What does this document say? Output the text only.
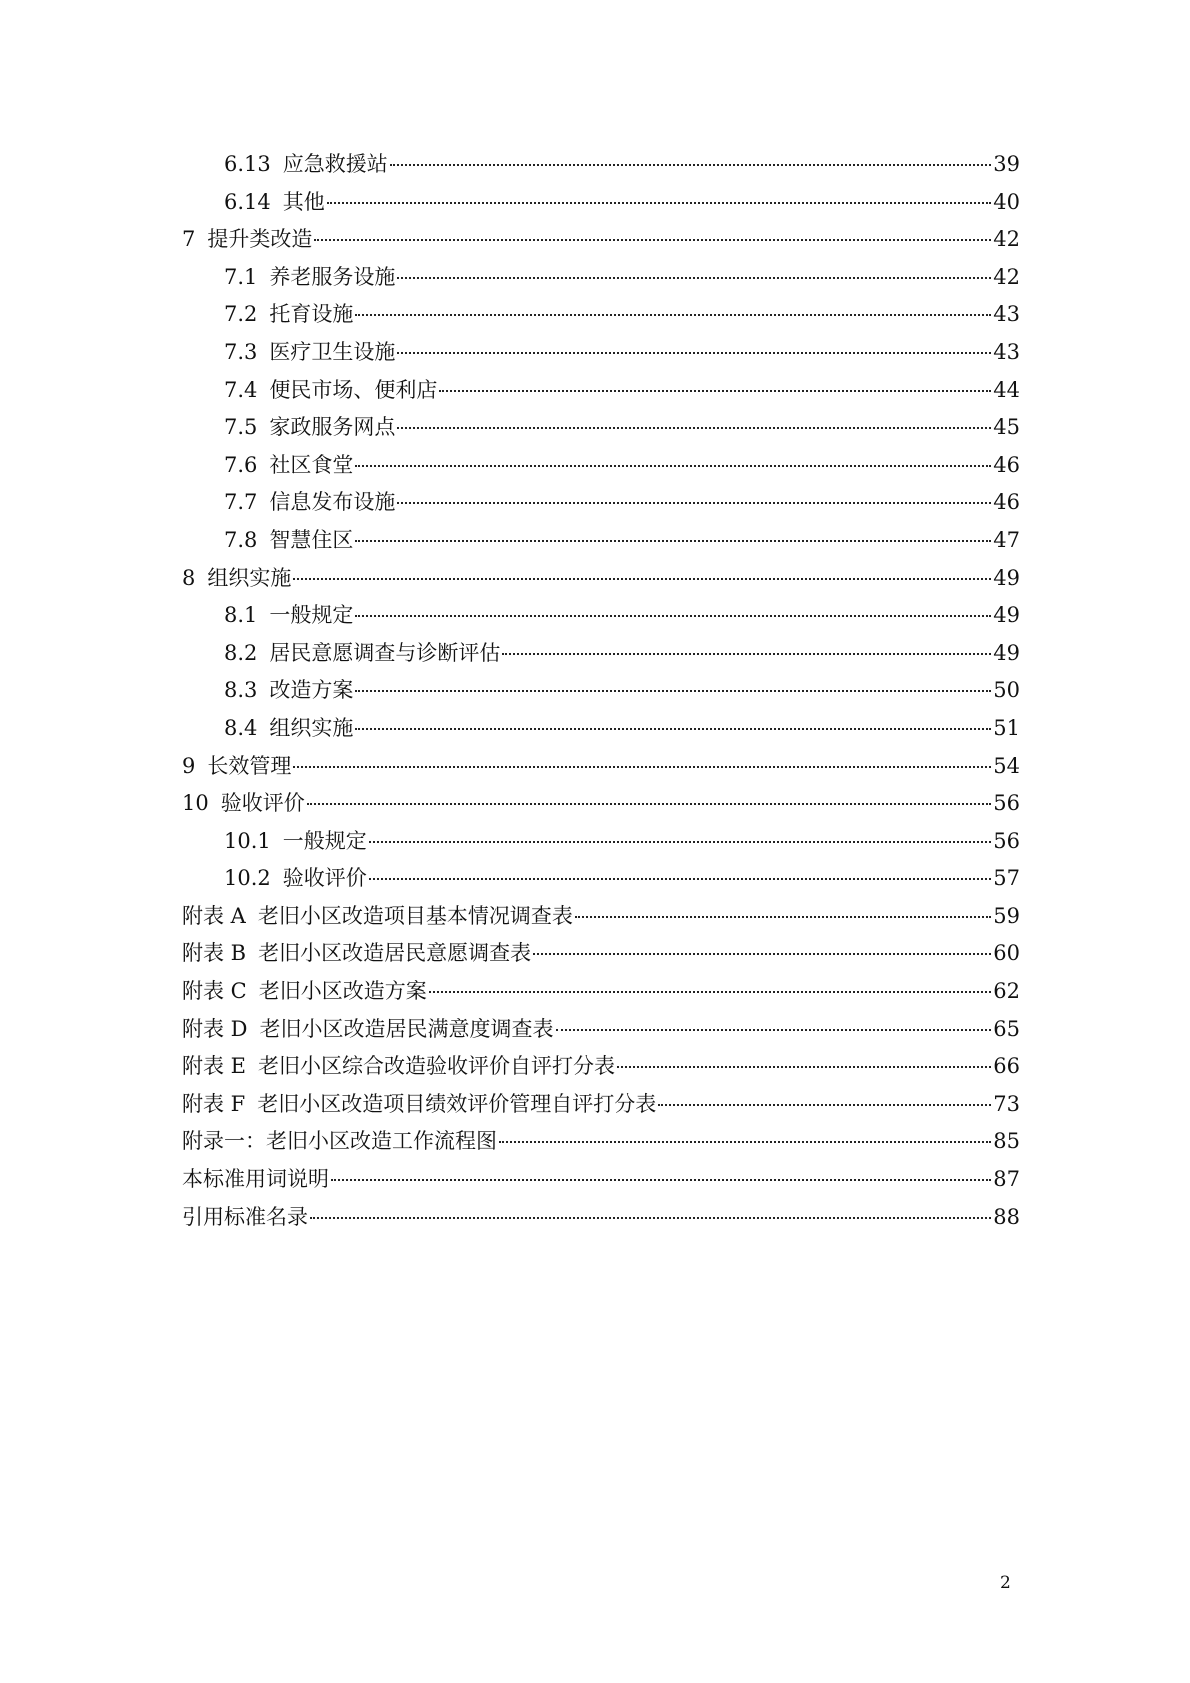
6.13 应急救援站	39
6.14 其他	40
7 提升类改造	42
7.1 养老服务设施	42
7.2 托育设施	43
7.3 医疗卫生设施	43
7.4 便民市场、便利店	44
7.5 家政服务网点	45
7.6 社区食堂	46
7.7 信息发布设施	46
7.8 智慧住区	47
8 组织实施	49
8.1 一般规定	49
8.2 居民意愿调查与诊断评估	49
8.3 改造方案	50
8.4 组织实施	51
9 长效管理	54
10 验收评价	56
10.1 一般规定	56
10.2 验收评价	57
附表 A 老旧小区改造项目基本情况调查表	59
附表 B 老旧小区改造居民意愿调查表	60
附表 C 老旧小区改造方案	62
附表 D 老旧小区改造居民满意度调查表	65
附表 E 老旧小区综合改造验收评价自评打分表	66
附表 F 老旧小区改造项目绩效评价管理自评打分表	73
附录一：老旧小区改造工作流程图	85
本标准用词说明	87
引用标准名录	88
2
